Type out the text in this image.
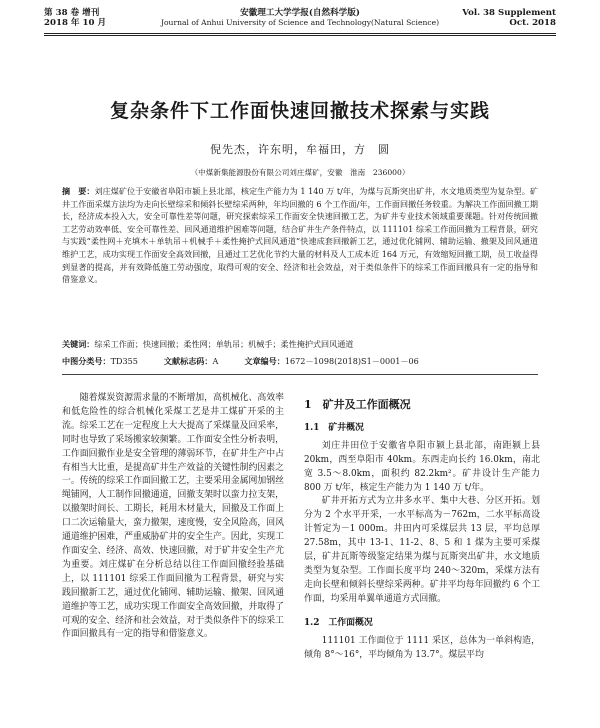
第 38 卷 增刊
2018 年 10 月
安徽理工大学学报(自然科学版)
Journal of Anhui University of Science and Technology(Natural Science)
Vol. 38 Supplement
Oct. 2018
复杂条件下工作面快速回撤技术探索与实践
倪先杰，许东明，牟福田，方　圆
（中煤新集能源股份有限公司刘庄煤矿，安徽　淮南　236000）

摘　要：刘庄煤矿位于安徽省阜阳市颍上县北部，核定生产能力为 1 140 万 t/年，为煤与瓦斯突出矿井，水文地质类型为复杂型。矿井工作面采煤方法均为走向长壁综采和倾斜长壁综采两种，年均回撤的 6 个工作面/年，工作面回撤任务较重。为解决工作面回撤工期长，经济成本投入大，安全可靠性差等问题，研究探索综采工作面安全快速回撤工艺，为矿井专业技术领域重要课题。针对传统回撤工艺劳动效率低、安全可靠性差、回风通道维护困难等问题，结合矿井生产条件特点，以 111101 综采工作面回撤为工程背景，研究与实践“柔性网＋充填木＋单轨吊＋机械手＋柔性掩护式回风通道”快速成套回撤新工艺，通过优化铺网、辅助运输、撤架及回风通道维护工艺，成功实现工作面安全高效回撤，且通过工艺优化节约大量的材料及人工成本近 164 万元，有效缩短回撤工期，员工收益得到显著的提高，并有效降低施工劳动强度，取得可观的安全、经济和社会效益，对于类似条件下的综采工作面回撤具有一定的指导和借鉴意义。

关键词：综采工作面；快速回撤；柔性网；单轨吊；机械手；柔性掩护式回风通道

中图分类号：TD355	文献标志码：A	文章编号：1672－1098(2018)S1－0001－06

随着煤炭资源需求量的不断增加，高机械化、高效率和低危险性的综合机械化采煤工艺是井工煤矿开采的主流。综采工艺在一定程度上大大提高了采煤量及回采率，同时也导致了采场搬家较频繁。工作面安全性分析表明，工作面回撤作业是安全管理的薄弱环节，在矿井生产中占有相当大比重，是提高矿井生产效益的关键性制约因素之一。传统的综采工作面回撤工艺，主要采用金属网加钢丝绳铺网，人工制作回撤通道，回撤支架时以蛮力拉支架，以撤架时间长、工期长，耗用木材量大，回撤及工作面上口二次运输量大，蛮力撤架，速度慢，安全风险高，回风通道维护困难，严重威胁矿井的安全生产。因此，实现工作面安全、经济、高效、快速回撤，对于矿井安全生产尤为重要。刘庄煤矿在分析总结以往工作面回撤经验基础上，以 111101 综采工作面回撤为工程背景，研究与实践回撤新工艺，通过优化铺网、辅助运输、撤架、回风通道维护等工艺，成功实现工作面安全高效回撤，并取得了可观的安全、经济和社会效益，对于类似条件下的综采工作面回撤具有一定的指导和借鉴意义。

1　矿井及工作面概况
1.1　矿井概况

刘庄井田位于安徽省阜阳市颍上县北部，南距颍上县 20km，西至阜阳市 40km。东西走向长约 16.0km，南北宽 3.5～8.0km，面积约 82.2km²。矿井设计生产能力 800 万 t/年，核定生产能力为 1 140 万 t/年。

矿井开拓方式为立井多水平、集中大巷、分区开拓。划分为 2 个水平开采，一水平标高为－762m，二水平标高设计暂定为－1 000m。井田内可采煤层共 13 层，平均总厚 27.58m，其中 13-1、11-2、8、5 和 1 煤为主要可采煤层，矿井瓦斯等级鉴定结果为煤与瓦斯突出矿井，水文地质类型为复杂型。工作面长度平均 240～320m，采煤方法有走向长壁和倾斜长壁综采两种。矿井平均每年回撤约 6 个工作面，均采用单翼单通道方式回撤。

1.2　工作面概况

111101 工作面位于 1111 采区，总体为一单斜构造，倾角 8°～16°，平均倾角为 13.7°。煤层平均
